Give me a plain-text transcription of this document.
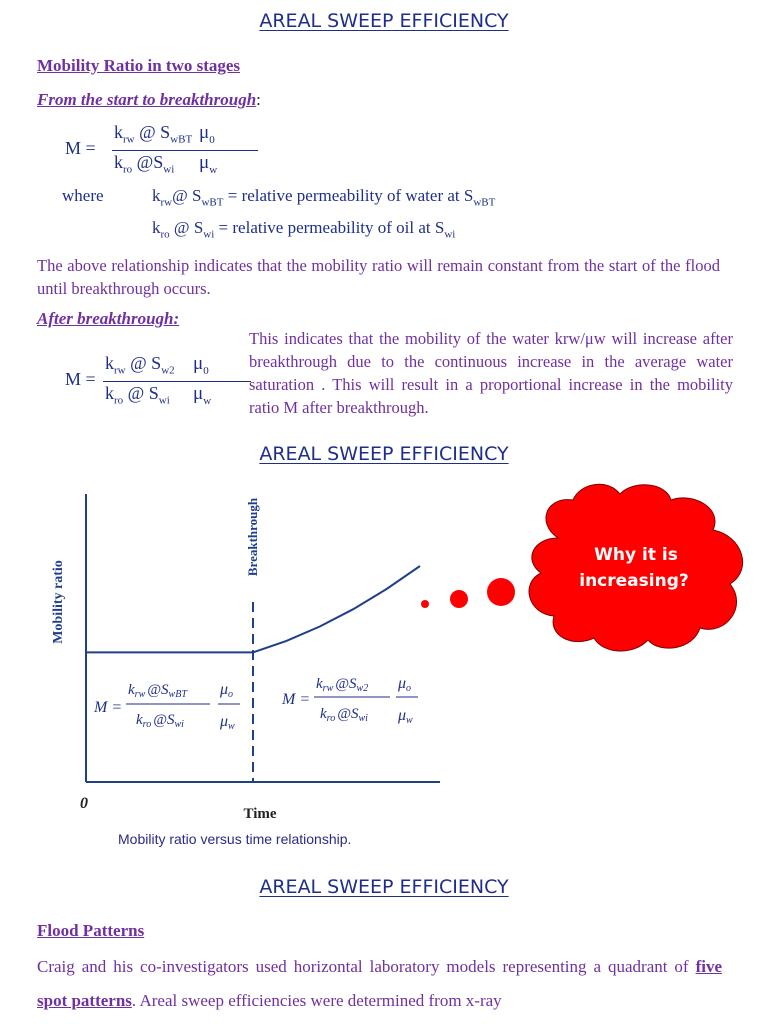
AREAL SWEEP EFFICIENCY
Mobility Ratio in two stages
From the start to breakthrough:
M =
$k_{rw}$ @ $S_{wBT}$
$k_{ro}$ $@S_{wi}$
$\mu_0$
$\mu_w$
where	$k_{rw}@$ $S_{wBT}$ = relative permeability of water at $S_{wBT}$
$k_{ro}$ @ $S_{wi}$ = relative permeability of oil at $S_{wi}$
The above relationship indicates that the mobility ratio will remain constant from the start of the flood until breakthrough occurs.
After breakthrough:
M =
$k_{rw}$ @ $S_{w2}$
$k_{ro}$ @ $S_{wi}$
$\mu_0$
$\mu_w$
This indicates that the mobility of the water krw/μw will increase after breakthrough due to the continuous increase in the average water saturation . This will result in a proportional increase in the mobility ratio M after breakthrough.
AREAL SWEEP EFFICIENCY
Mobility ratio
Time
0
Breakthrough
M =
$k_{rw}$ $@S_{wBT}$
$k_{ro}$ $@S_{wi}$
μo
μw
M =
$k_{rw}$ $@S_{w2}$
$k_{ro}$ $@S_{wi}$
μo
μw
Mobility ratio versus time relationship.
Why it is
increasing?
AREAL SWEEP EFFICIENCY
Flood Patterns
Craig and his co-investigators used horizontal laboratory models representing a quadrant of five spot patterns. Areal sweep efficiencies were determined from x-ray
